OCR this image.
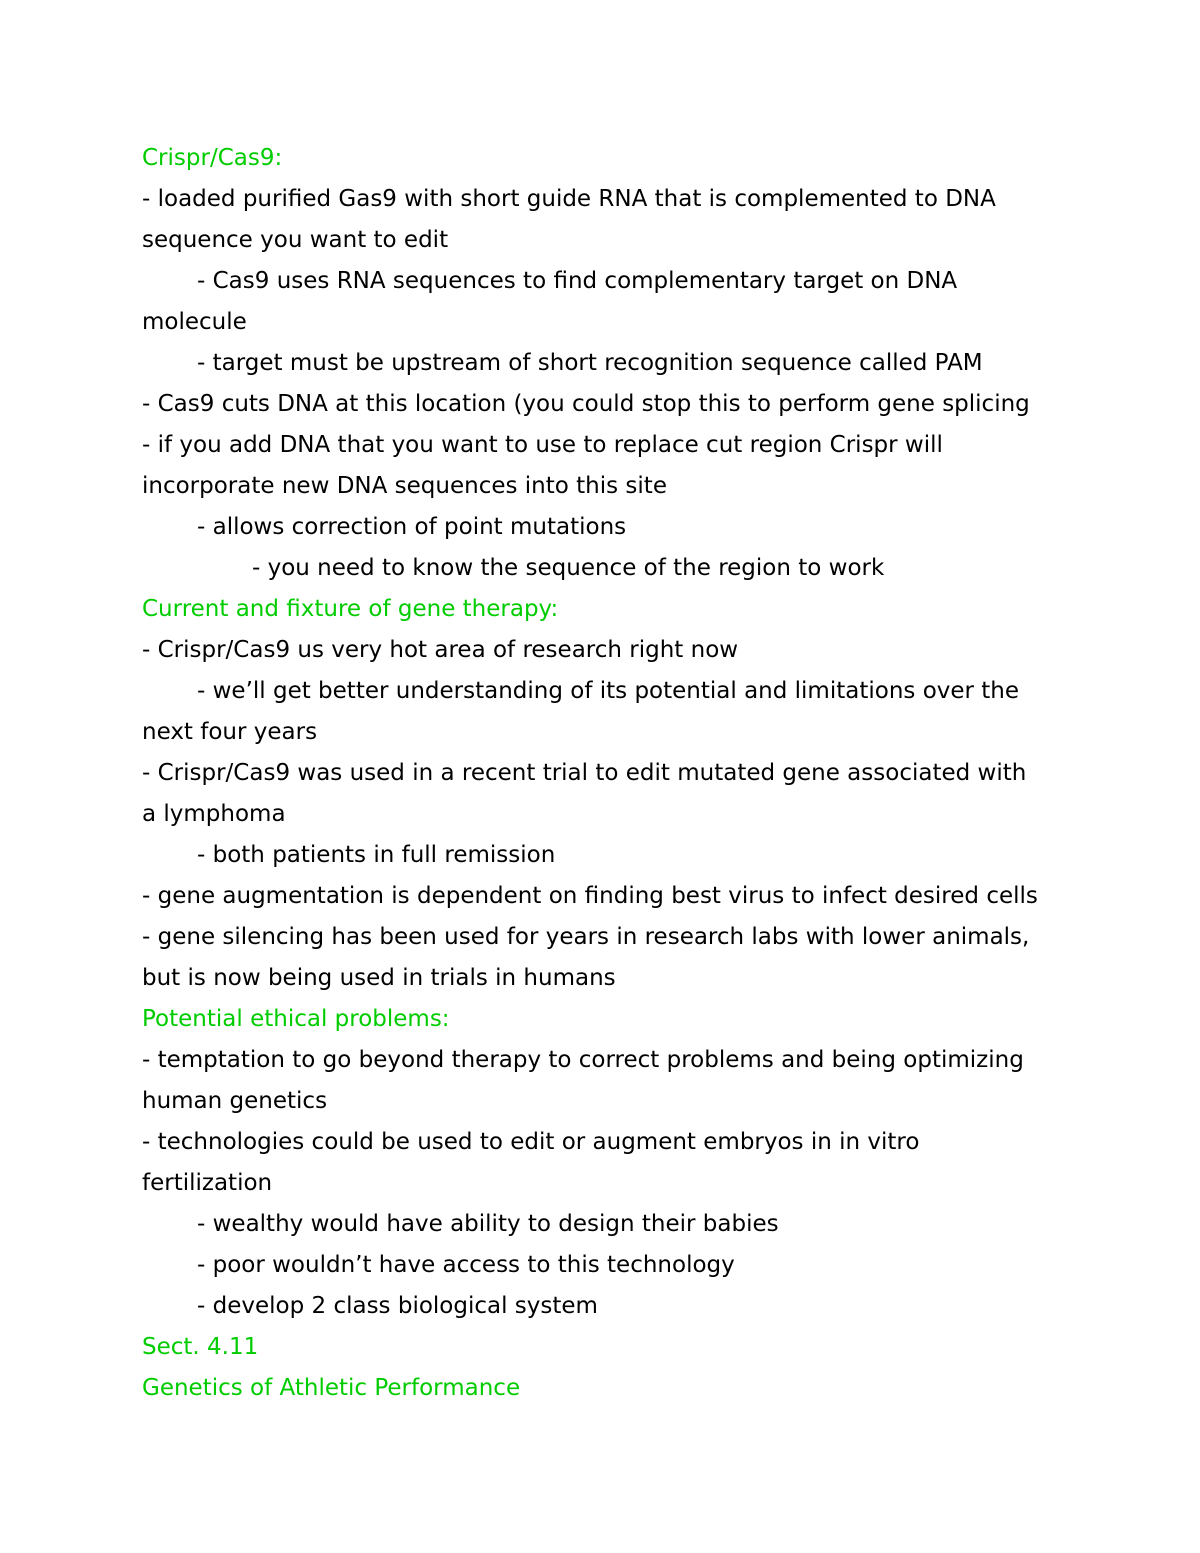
Crispr/Cas9:
- loaded purified Gas9 with short guide RNA that is complemented to DNA
sequence you want to edit
- Cas9 uses RNA sequences to find complementary target on DNA
molecule
- target must be upstream of short recognition sequence called PAM
- Cas9 cuts DNA at this location (you could stop this to perform gene splicing
- if you add DNA that you want to use to replace cut region Crispr will
incorporate new DNA sequences into this site
- allows correction of point mutations
- you need to know the sequence of the region to work
Current and fixture of gene therapy:
- Crispr/Cas9 us very hot area of research right now
- we’ll get better understanding of its potential and limitations over the
next four years
- Crispr/Cas9 was used in a recent trial to edit mutated gene associated with
a lymphoma
- both patients in full remission
- gene augmentation is dependent on finding best virus to infect desired cells
- gene silencing has been used for years in research labs with lower animals,
but is now being used in trials in humans
Potential ethical problems:
- temptation to go beyond therapy to correct problems and being optimizing
human genetics
- technologies could be used to edit or augment embryos in in vitro
fertilization
- wealthy would have ability to design their babies
- poor wouldn’t have access to this technology
- develop 2 class biological system
Sect. 4.11
Genetics of Athletic Performance
